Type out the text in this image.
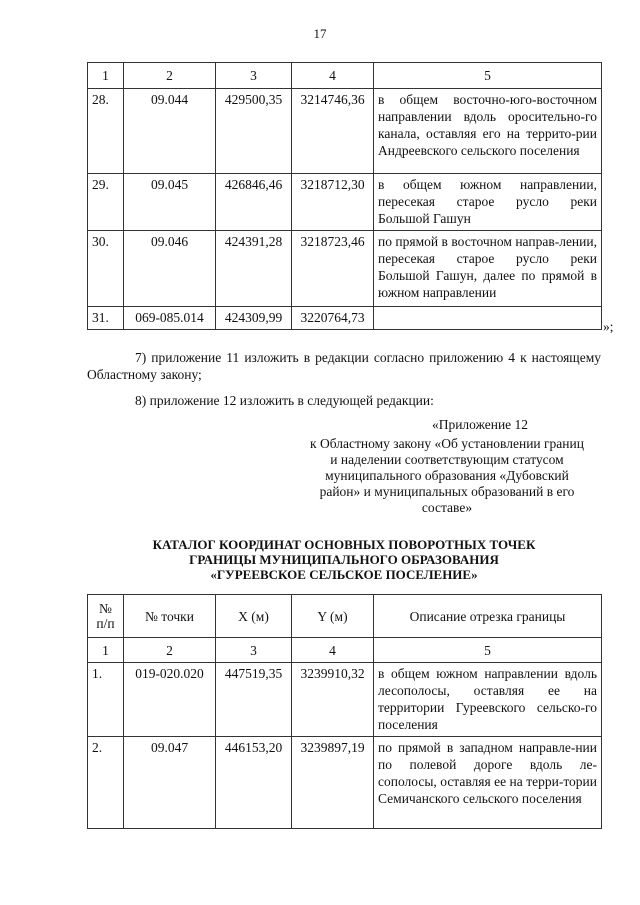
17
1	2	3	4	5
28.	09.044	429500,35	3214746,36	в общем восточно-юго-восточном направлении вдоль оросительно-го канала, оставляя его на террито-рии Андреевского сельского поселения
29.	09.045	426846,46	3218712,30	в общем южном направлении, пересекая старое русло реки Большой Гашун
30.	09.046	424391,28	3218723,46	по прямой в восточном направ-лении, пересекая старое русло реки Большой Гашун, далее по прямой в южном направлении
31.	069-085.014	424309,99	3220764,73	
»;
7) приложение 11 изложить в редакции согласно приложению 4 к настоящему Областному закону;
8) приложение 12 изложить в следующей редакции:
«Приложение 12
к Областному закону «Об установлении границ и наделении соответствующим статусом муниципального образования «Дубовский район» и муниципальных образований в его составе»
КАТАЛОГ КООРДИНАТ ОСНОВНЫХ ПОВОРОТНЫХ ТОЧЕК
ГРАНИЦЫ МУНИЦИПАЛЬНОГО ОБРАЗОВАНИЯ
«ГУРЕЕВСКОЕ СЕЛЬСКОЕ ПОСЕЛЕНИЕ»
№
п/п	№ точки	X (м)	Y (м)	Описание отрезка границы
1	2	3	4	5
1.	019-020.020	447519,35	3239910,32	в общем южном направлении вдоль лесополосы, оставляя ее на территории Гуреевского сельско-го поселения
2.	09.047	446153,20	3239897,19	по прямой в западном направле-нии по полевой дороге вдоль ле-сополосы, оставляя ее на терри-тории Семичанского сельского поселения
